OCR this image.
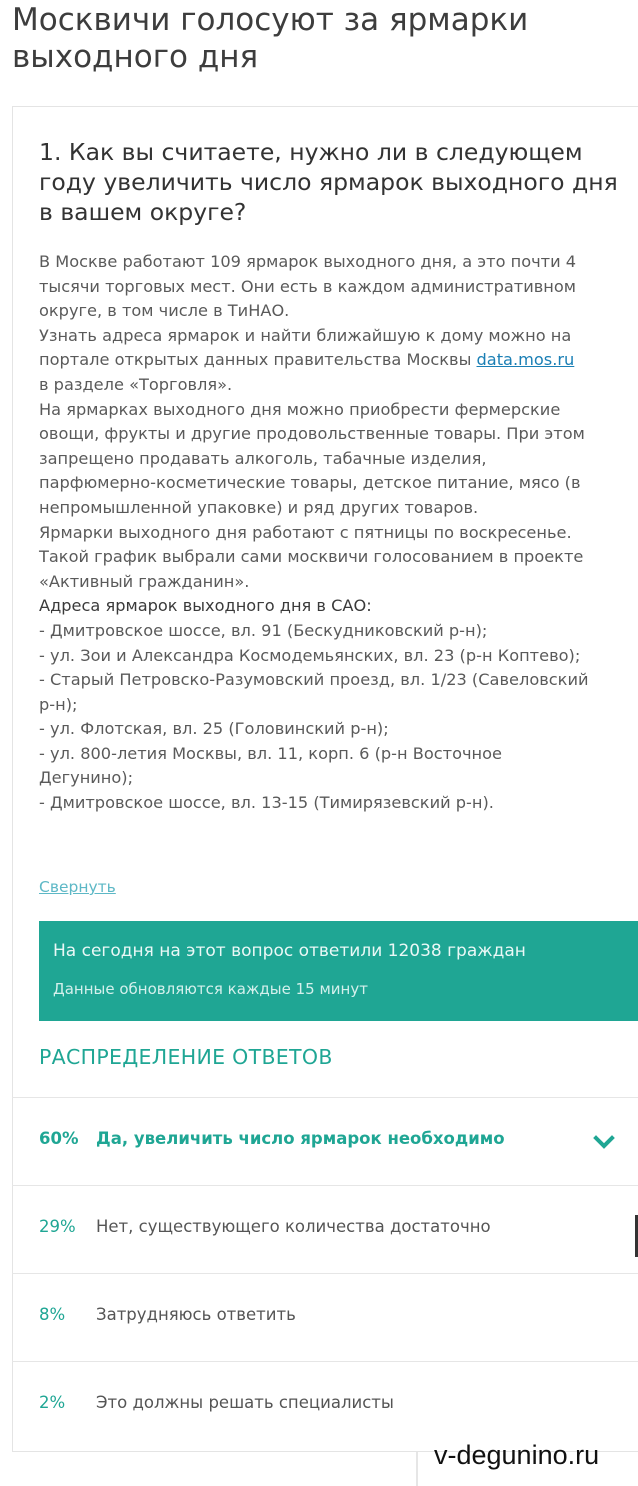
Москвичи голосуют за ярмарки выходного дня
1. Как вы считаете, нужно ли в следующем году увеличить число ярмарок выходного дня в вашем округе?

В Москве работают 109 ярмарок выходного дня, а это почти 4

тысячи торговых мест. Они есть в каждом административном

округе, в том числе в ТиНАО.

Узнать адреса ярмарок и найти ближайшую к дому можно на

портале открытых данных правительства Москвы data.mos.ru

в разделе «Торговля».

На ярмарках выходного дня можно приобрести фермерские

овощи, фрукты и другие продовольственные товары. При этом

запрещено продавать алкоголь, табачные изделия,

парфюмерно-косметические товары, детское питание, мясо (в

непромышленной упаковке) и ряд других товаров.

Ярмарки выходного дня работают с пятницы по воскресенье.

Такой график выбрали сами москвичи голосованием в проекте

«Активный гражданин».

Адреса ярмарок выходного дня в САО:

- Дмитровское шоссе, вл. 91 (Бескудниковский р-н);

- ул. Зои и Александра Космодемьянских, вл. 23 (р-н Коптево);

- Старый Петровско-Разумовский проезд, вл. 1/23 (Савеловский

р-н);

- ул. Флотская, вл. 25 (Головинский р-н);

- ул. 800-летия Москвы, вл. 11, корп. 6 (р-н Восточное

Дегунино);

- Дмитровское шоссе, вл. 13-15 (Тимирязевский р-н).

Свернуть
На сегодня на этот вопрос ответили 12038 граждан
Данные обновляются каждые 15 минут
РАСПРЕДЕЛЕНИЕ ОТВЕТОВ
60% Да, увеличить число ярмарок необходимо
29% Нет, существующего количества достаточно
8% Затрудняюсь ответить
2% Это должны решать специалисты
v-degunino.ru
